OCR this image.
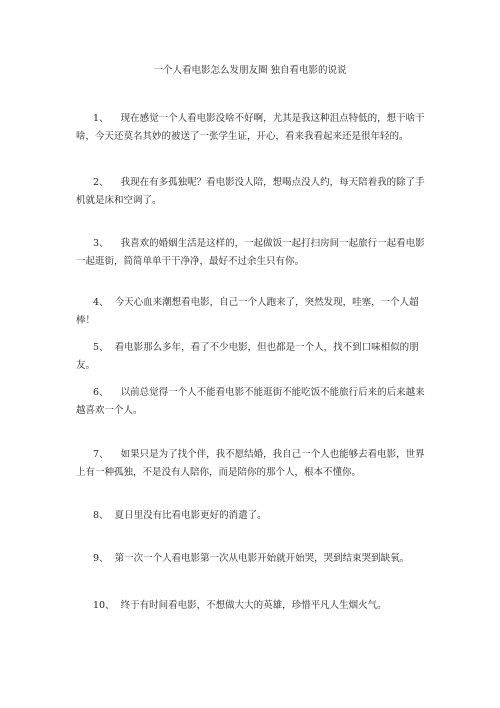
一个人看电影怎么发朋友圈 独自看电影的说说

1、 现在感觉一个人看电影没啥不好啊，尤其是我这种沮点特低的，想干啥干啥，今天还莫名其妙的被送了一张学生证，开心，看来我看起来还是很年轻的。

2、 我现在有多孤独呢？看电影没人陪，想喝点没人约，每天陪着我的除了手机就是床和空调了。

3、 我喜欢的婚姻生活是这样的，一起做饭一起打扫房间一起旅行一起看电影一起逛街，简简单单干干净净，最好不过余生只有你。

4、 今天心血来潮想看电影，自己一个人跑来了，突然发现，哇塞，一个人超棒！

5、 看电影那么多年，看了不少电影，但也都是一个人，找不到口味相似的朋友。

6、 以前总觉得一个人不能看电影不能逛街不能吃饭不能旅行后来的后来越来越喜欢一个人。

7、 如果只是为了找个伴，我不愿结婚，我自己一个人也能够去看电影，世界上有一种孤独，不是没有人陪你，而是陪你的那个人，根本不懂你。

8、 夏日里没有比看电影更好的消遣了。

9、 第一次一个人看电影第一次从电影开始就开始哭，哭到结束哭到缺氧。

10、 终于有时间看电影，不想做大大的英雄，珍惜平凡人生烟火气。
